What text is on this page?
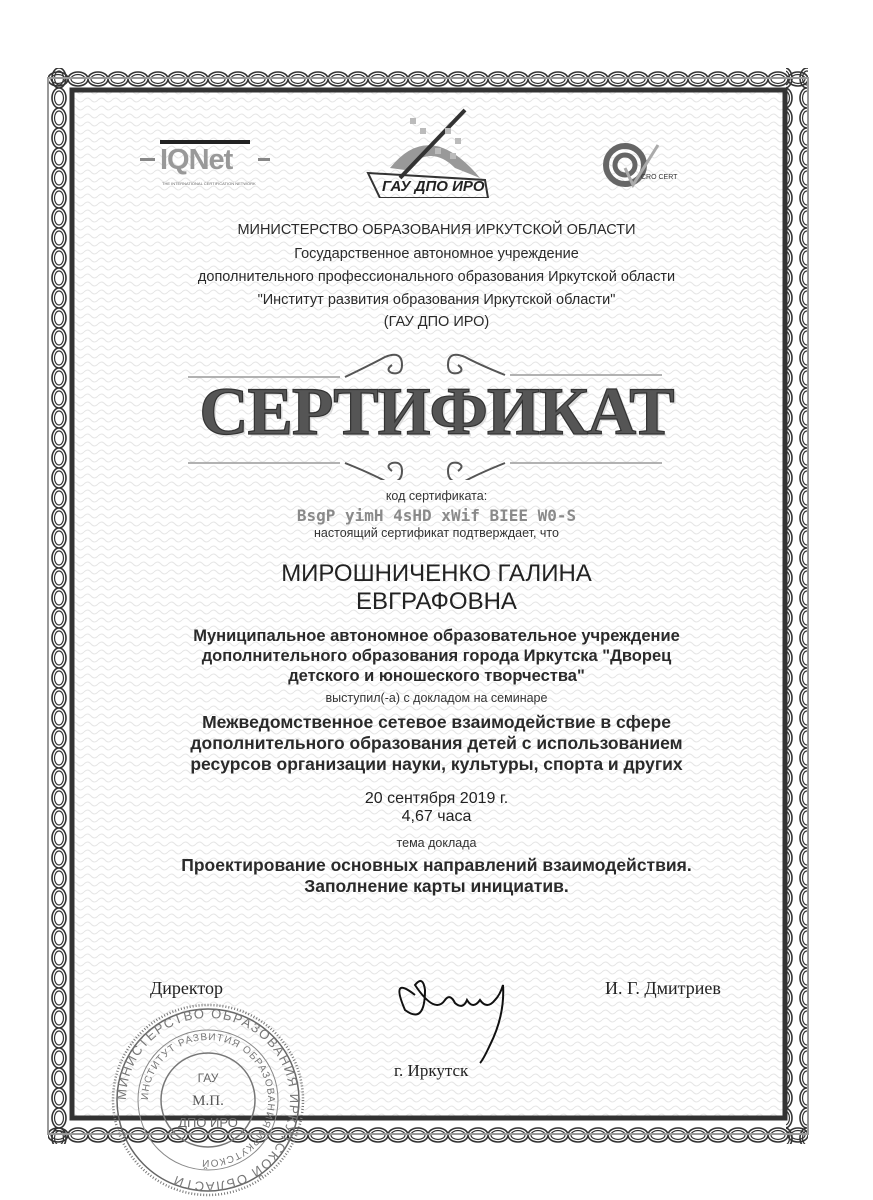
IQNet
THE INTERNATIONAL CERTIFICATION NETWORK	ГАУ ДПО ИРО
CRO CERT
МИНИСТЕРСТВО ОБРАЗОВАНИЯ ИРКУТСКОЙ ОБЛАСТИ
Государственное автономное учреждение
дополнительного профессионального образования Иркутской области
"Институт развития образования Иркутской области"
(ГАУ ДПО ИРО)
СЕРТИФИКАТ
код сертификата:
BsgP yimH 4sHD xWif BIEE W0-S
настоящий сертификат подтверждает, что
МИРОШНИЧЕНКО ГАЛИНА
ЕВГРАФОВНА
Муниципальное автономное образовательное учреждение
дополнительного образования города Иркутска "Дворец
детского и юношеского творчества"
выступил(-а) с докладом на семинаре
Межведомственное сетевое взаимодействие в сфере
дополнительного образования детей с использованием
ресурсов организации науки, культуры, спорта и других
20 сентября 2019 г.
4,67 часа
тема доклада
Проектирование основных направлений взаимодействия.
Заполнение карты инициатив.
МИНИСТЕРСТВО ОБРАЗОВАНИЯ ИРКУТСКОЙ ОБЛАСТИ
ИНСТИТУТ РАЗВИТИЯ ОБРАЗОВАНИЯ ИРКУТСКОЙ
ГАУ
М.П.
ДПО ИРО
Директор	И. Г. Дмитриев
г. Иркутск
